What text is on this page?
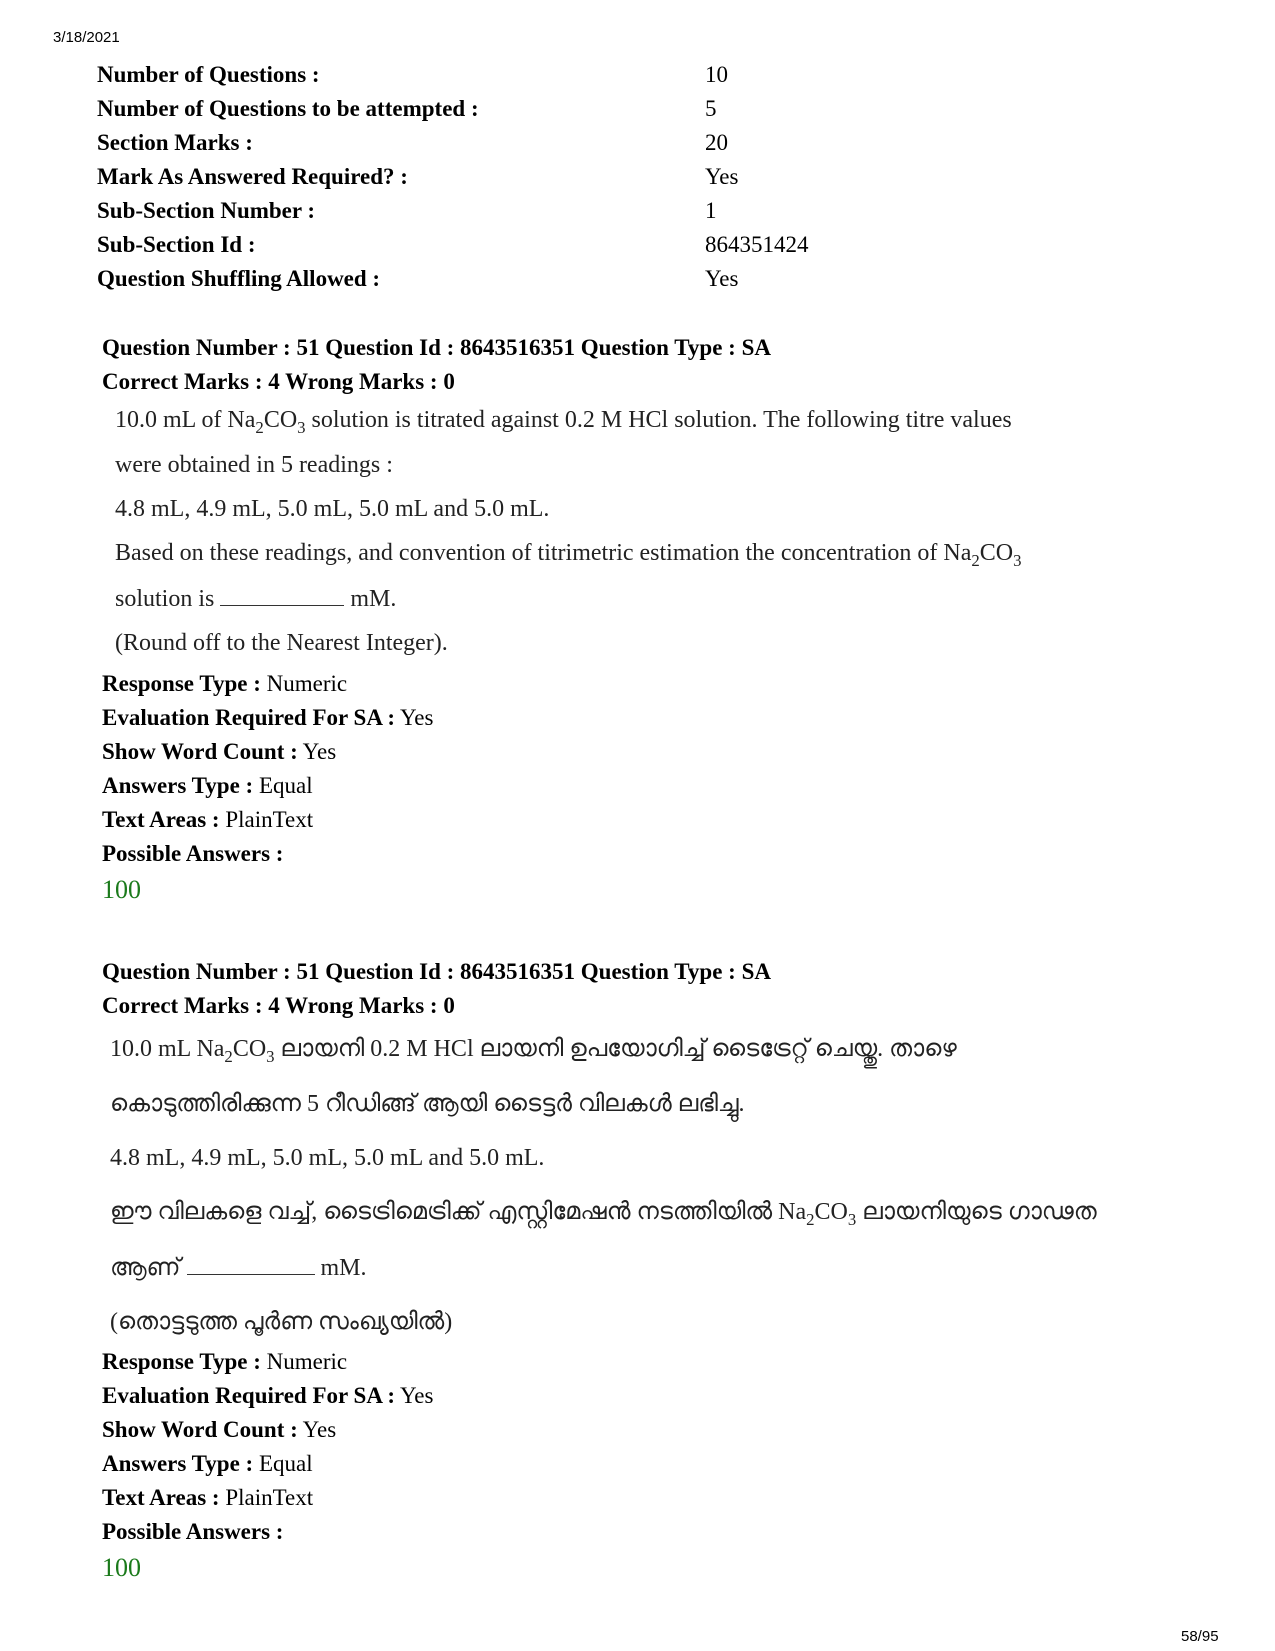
3/18/2021
Number of Questions :	10
Number of Questions to be attempted :	5
Section Marks :	20
Mark As Answered Required? :	Yes
Sub-Section Number :	1
Sub-Section Id :	864351424
Question Shuffling Allowed :	Yes
Question Number : 51 Question Id : 8643516351 Question Type : SA
Correct Marks : 4 Wrong Marks : 0

10.0 mL of $Na_2CO_3$ solution is titrated against 0.2 M HCl solution. The following titre values

were obtained in 5 readings :

4.8 mL, 4.9 mL, 5.0 mL, 5.0 mL and 5.0 mL.

Based on these readings, and convention of titrimetric estimation the concentration of $Na_2CO_3$

solution is	mM.

(Round off to the Nearest Integer).

Response Type : Numeric
Evaluation Required For SA : Yes
Show Word Count : Yes
Answers Type : Equal
Text Areas : PlainText
Possible Answers :
100
Question Number : 51 Question Id : 8643516351 Question Type : SA
Correct Marks : 4 Wrong Marks : 0

10.0 mL $Na_2CO_3$ ലായനി 0.2 M HCl ലായനി ഉപയോഗിച്ച് ടൈട്രേറ്റ് ചെയ്തു. താഴെ

കൊടുത്തിരിക്കുന്ന 5 റീഡിങ്ങ് ആയി ടൈട്ടർ വിലകൾ ലഭിച്ചു.

4.8 mL, 4.9 mL, 5.0 mL, 5.0 mL and 5.0 mL.

ഈ വിലകളെ വച്ച്, ടൈട്രിമെട്രിക്ക് എസ്റ്റിമേഷൻ നടത്തിയിൽ $Na_2CO_3$ ലായനിയുടെ ഗാഢത

ആണ്	mM.

(തൊട്ടടുത്ത പൂർണ സംഖ്യയിൽ)

Response Type : Numeric
Evaluation Required For SA : Yes
Show Word Count : Yes
Answers Type : Equal
Text Areas : PlainText
Possible Answers :
100
58/95
